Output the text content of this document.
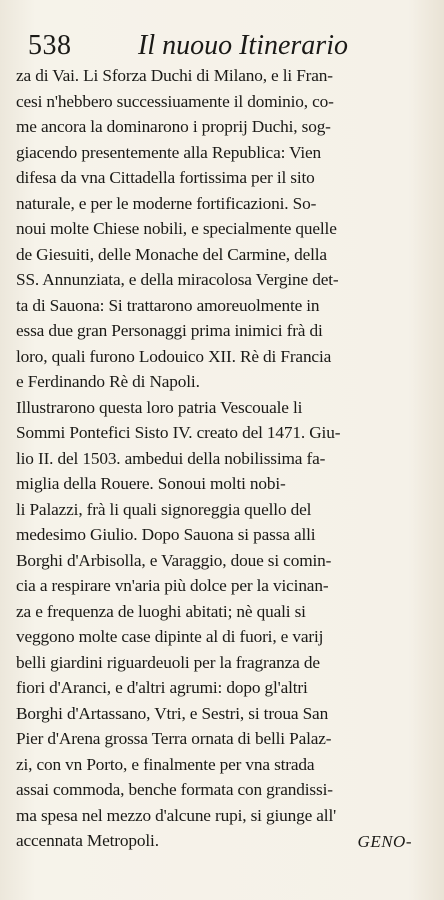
538 Il nuouo Itinerario
za di Vai. Li Sforza Duchi di Milano, e li Fran-
cesi n'hebbero successiuamente il dominio, co-
me ancora la dominarono i proprij Duchi, sog-
giacendo presentemente alla Republica: Vien
difesa da vna Cittadella fortissima per il sito
naturale, e per le moderne fortificazioni. So-
noui molte Chiese nobili, e specialmente quelle
de Giesuiti, delle Monache del Carmine, della
SS. Annunziata, e della miracolosa Vergine det-
ta di Sauona: Si trattarono amoreuolmente in
essa due gran Personaggi prima inimici frà di
loro, quali furono Lodouico XII. Rè di Francia
e Ferdinando Rè di Napoli.
Illustrarono questa loro patria Vescouale li
Sommi Pontefici Sisto IV. creato del 1471. Giu-
lio II. del 1503. ambedui della nobilissima fa-
miglia della Rouere. Sonoui molti nobi-
li Palazzi, frà li quali signoreggia quello del
medesimo Giulio. Dopo Sauona si passa alli
Borghi d'Arbisolla, e Varaggio, doue si comin-
cia a respirare vn'aria più dolce per la vicinan-
za e frequenza de luoghi abitati; nè quali si
veggono molte case dipinte al di fuori, e varij
belli giardini riguardeuoli per la fragranza de
fiori d'Aranci, e d'altri agrumi: dopo gl'altri
Borghi d'Artassano, Vtri, e Sestri, si troua San
Pier d'Arena grossa Terra ornata di belli Palaz-
zi, con vn Porto, e finalmente per vna strada
assai commoda, benche formata con grandissi-
ma spesa nel mezzo d'alcune rupi, si giunge all'
accennata Metropoli.	GENO-
